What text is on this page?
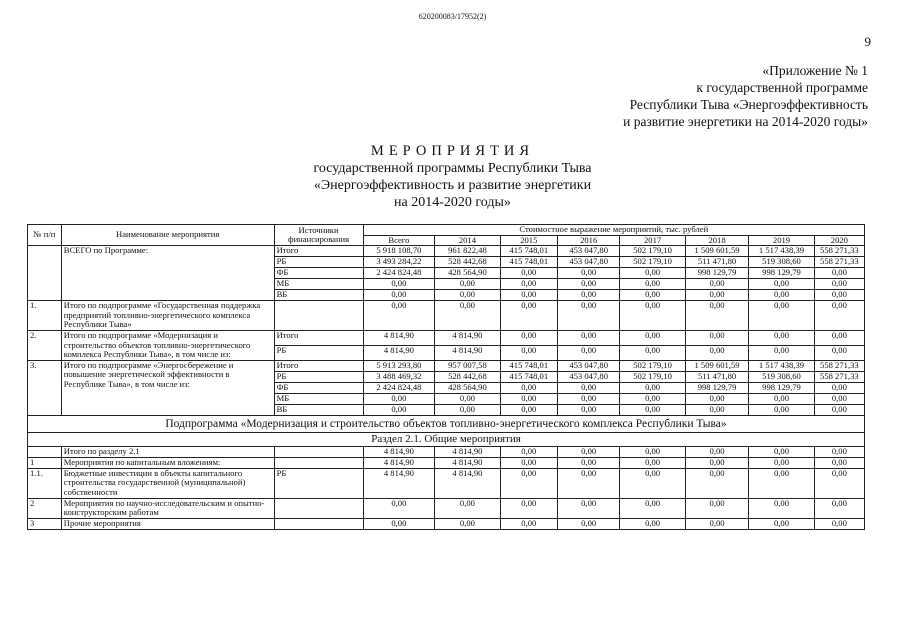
620200083/17952(2)
9
«Приложение № 1
к государственной программе
Республики Тыва «Энергоэффективность
и развитие энергетики на 2014-2020 годы»
МЕРОПРИЯТИЯ
государственной программы Республики Тыва
«Энергоэффективность и развитие энергетики
на 2014-2020 годы»
№ п/п	Наименование мероприятия	Источники финансирования	Стоимостное выражение мероприятий, тыс. рублей							
			Всего	2014	2015	2016	2017	2018	2019	2020
	ВСЕГО по Программе:	Итого	5 918 108,70	961 822,48	415 748,01	453 047,80	502 179,10	1 509 601,59	1 517 438,39	558 271,33
		РБ	3 493 284,22	528 442,68	415 748,01	453 047,80	502 179,10	511 471,80	519 308,60	558 271,33
		ФБ	2 424 824,48	428 564,90	0,00	0,00	0,00	998 129,79	998 129,79	0,00
		МБ	0,00	0,00	0,00	0,00	0,00	0,00	0,00	0,00
		ВБ	0,00	0,00	0,00	0,00	0,00	0,00	0,00	0,00
1.	Итого по подпрограмме «Государственная поддержка предприятий топливно-энергетического комплекса Республики Тыва»		0,00	0,00	0,00	0,00	0,00	0,00	0,00	0,00
2.	Итого по подпрограмме «Модернизация и строительство объектов топливно-энергетического комплекса Республики Тыва», в том числе из:	Итого	4 814,90	4 814,90	0,00	0,00	0,00	0,00	0,00	0,00
		РБ	4 814,90	4 814,90	0,00	0,00	0,00	0,00	0,00	0,00
3.	Итого по подпрограмме «Энергосбережение и повышение энергетической эффективности в Республике Тыва», в том числе из:	Итого	5 913 293,80	957 007,58	415 748,01	453 047,80	502 179,10	1 509 601,59	1 517 438,39	558 271,33
		РБ	3 488 469,32	528 442,68	415 748,01	453 047,80	502 179,10	511 471,80	519 308,60	558 271,33
		ФБ	2 424 824,48	428 564,90	0,00	0,00	0,00	998 129,79	998 129,79	0,00
		МБ	0,00	0,00	0,00	0,00	0,00	0,00	0,00	0,00
		ВБ	0,00	0,00	0,00	0,00	0,00	0,00	0,00	0,00
Подпрограмма «Модернизация и строительство объектов топливно-энергетического комплекса Республики Тыва»										
Раздел 2.1. Общие мероприятия										
	Итого по разделу 2.1		4 814,90	4 814,90	0,00	0,00	0,00	0,00	0,00	0,00
1	Мероприятия по капитальным вложениям:		4 814,90	4 814,90	0,00	0,00	0,00	0,00	0,00	0,00
1.1.	Бюджетные инвестиции в объекты капитального строительства государственной (муниципальной) собственности	РБ	4 814,90	4 814,90	0,00	0,00	0,00	0,00	0,00	0,00
2	Мероприятия по научно-исследовательским и опытно-конструкторским работам		0,00	0,00	0,00	0,00	0,00	0,00	0,00	0,00
3	Прочие мероприятия		0,00	0,00	0,00	0,00	0,00	0,00	0,00	0,00
